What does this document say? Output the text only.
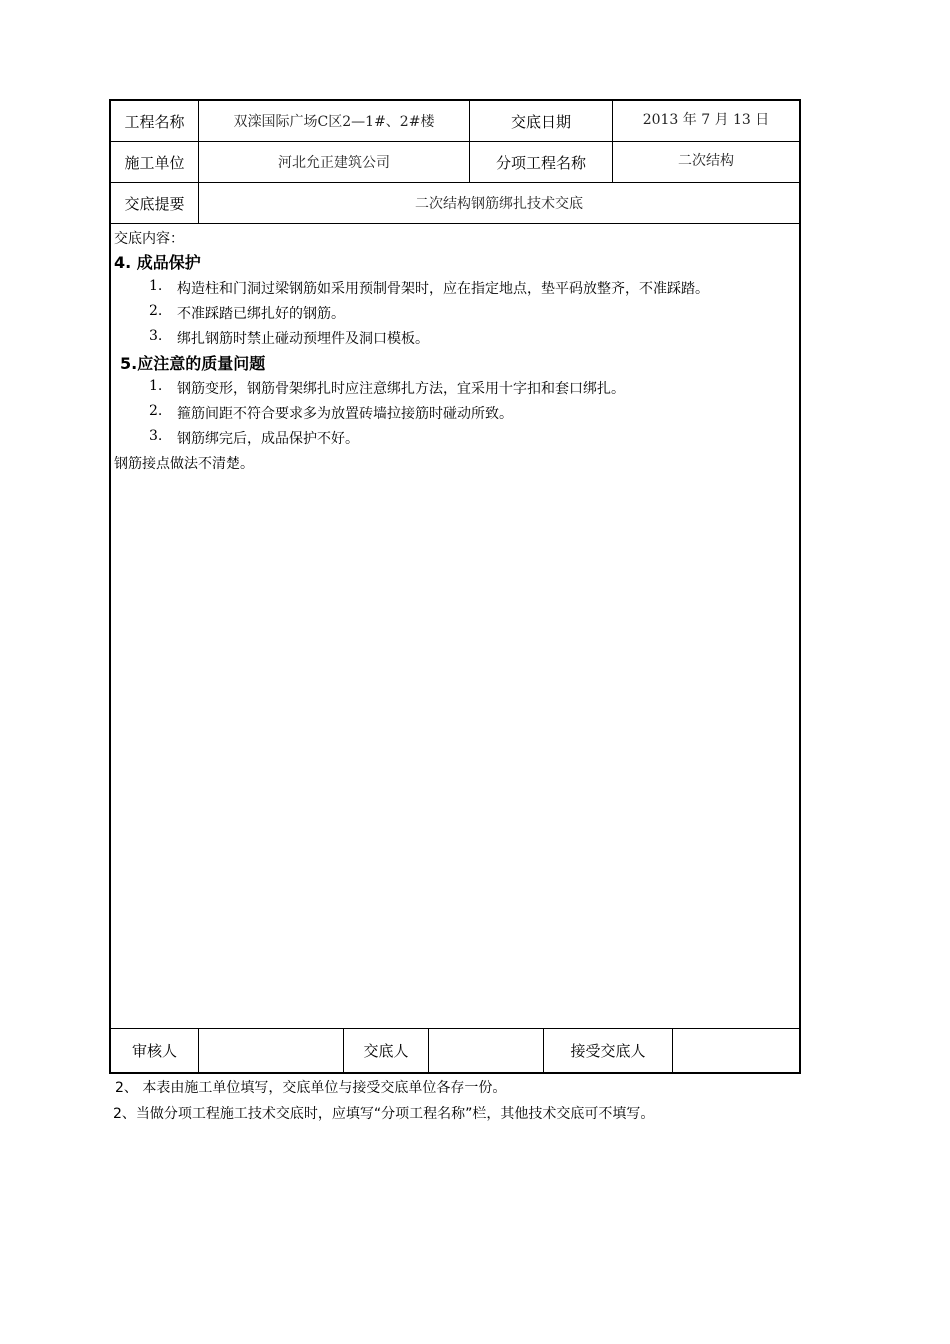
工程名称	双滦国际广场C区2—1#、2#楼	交底日期	2013 年 7 月 13 日
施工单位	河北允正建筑公司	分项工程名称	二次结构
交底提要	二次结构钢筋绑扎技术交底
交底内容：
4. 成品保护
1. 构造柱和门洞过梁钢筋如采用预制骨架时，应在指定地点，垫平码放整齐，不准踩踏。
2. 不准踩踏已绑扎好的钢筋。
3. 绑扎钢筋时禁止碰动预埋件及洞口模板。
5.应注意的质量问题
1. 钢筋变形，钢筋骨架绑扎时应注意绑扎方法，宜采用十字扣和套口绑扎。
2. 箍筋间距不符合要求多为放置砖墙拉接筋时碰动所致。
3. 钢筋绑完后，成品保护不好。
钢筋接点做法不清楚。
审核人	交底人	接受交底人
2、 本表由施工单位填写，交底单位与接受交底单位各存一份。
2、当做分项工程施工技术交底时，应填写“分项工程名称”栏，其他技术交底可不填写。
